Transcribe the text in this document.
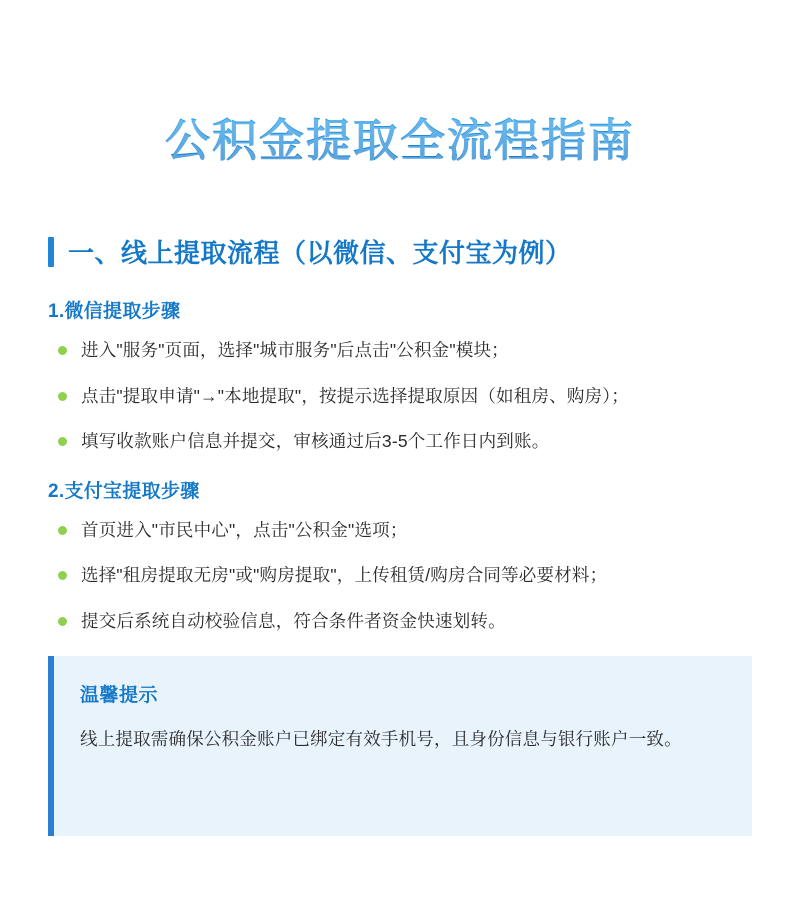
公积金提取全流程指南
一、线上提取流程（以微信、支付宝为例）
1.微信提取步骤
进入"服务"页面，选择"城市服务"后点击"公积金"模块；
点击"提取申请"→"本地提取"，按提示选择提取原因（如租房、购房）；
填写收款账户信息并提交，审核通过后3-5个工作日内到账。
2.支付宝提取步骤
首页进入"市民中心"，点击"公积金"选项；
选择"租房提取无房"或"购房提取"，上传租赁/购房合同等必要材料；
提交后系统自动校验信息，符合条件者资金快速划转。
温馨提示
线上提取需确保公积金账户已绑定有效手机号，且身份信息与银行账户一致。
